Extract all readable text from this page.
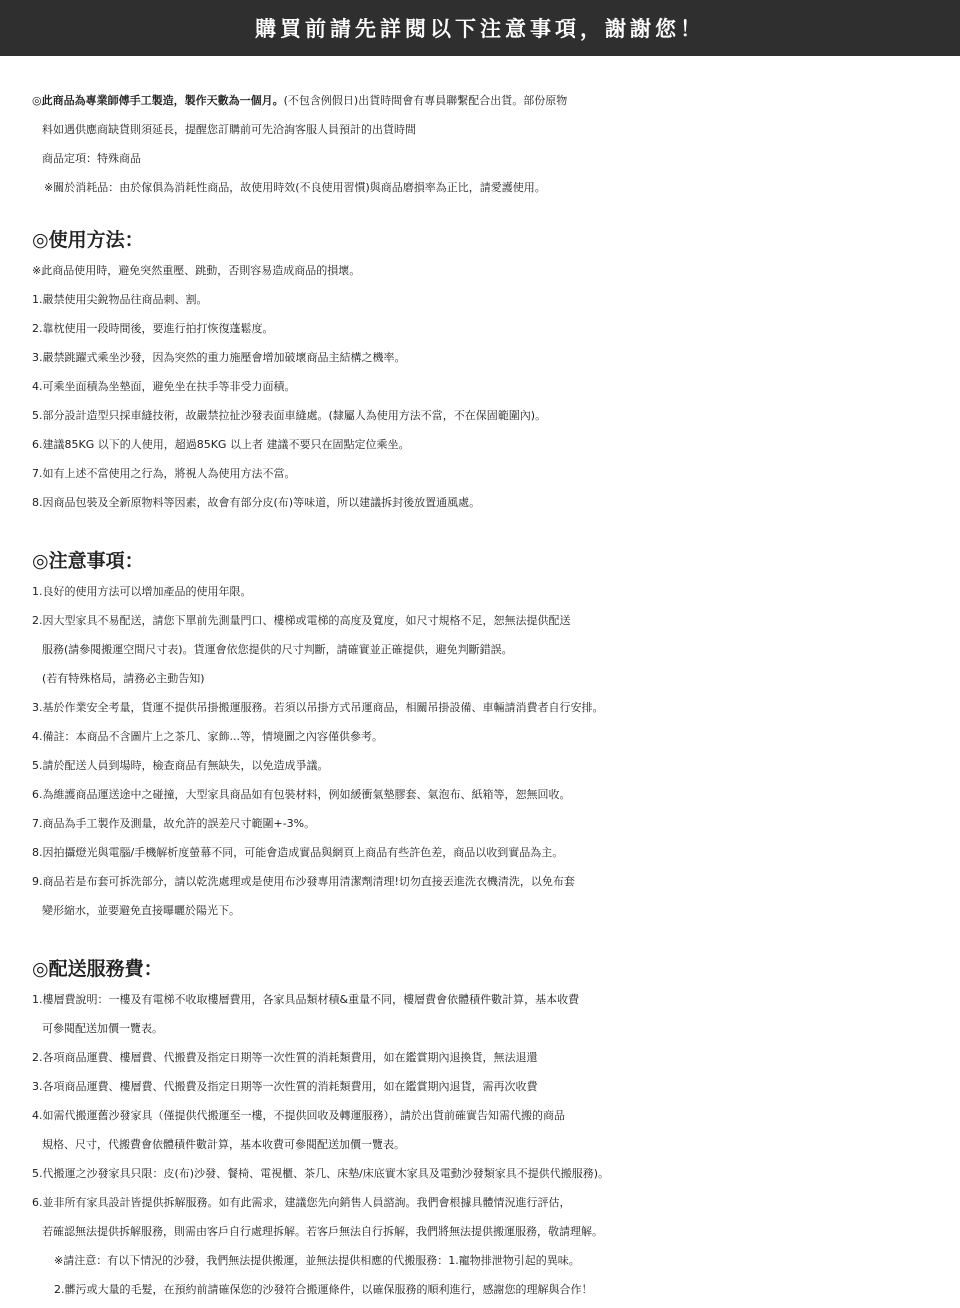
購買前請先詳閱以下注意事項，謝謝您！
◎此商品為專業師傅手工製造，製作天數為一個月。(不包含例假日)出貨時間會有專員聯繫配合出貨。部份原物
料如遇供應商缺貨則須延長，提醒您訂購前可先洽詢客服人員預計的出貨時間
商品定項：特殊商品
※關於消耗品：由於傢俱為消耗性商品，故使用時效(不良使用習慣)與商品磨損率為正比，請愛護使用。
◎使用方法：
※此商品使用時，避免突然重壓、跳動，否則容易造成商品的損壞。
1.嚴禁使用尖銳物品往商品刺、割。
2.靠枕使用一段時間後，要進行拍打恢復蓬鬆度。
3.嚴禁跳躍式乘坐沙發，因為突然的重力施壓會增加破壞商品主結構之機率。
4.可乘坐面積為坐墊面，避免坐在扶手等非受力面積。
5.部分設計造型只採車縫技術，故嚴禁拉扯沙發表面車縫處。(隸屬人為使用方法不當，不在保固範圍內)。
6.建議85KG 以下的人使用，超過85KG 以上者 建議不要只在固點定位乘坐。
7.如有上述不當使用之行為，將視人為使用方法不當。
8.因商品包裝及全新原物料等因素，故會有部分皮(布)等味道，所以建議拆封後放置通風處。
◎注意事項：
1.良好的使用方法可以增加產品的使用年限。
2.因大型家具不易配送，請您下單前先測量門口、樓梯或電梯的高度及寬度，如尺寸規格不足，恕無法提供配送
服務(請參閱搬運空間尺寸表)。貨運會依您提供的尺寸判斷，請確實並正確提供，避免判斷錯誤。
(若有特殊格局，請務必主動告知)
3.基於作業安全考量，貨運不提供吊掛搬運服務。若須以吊掛方式吊運商品，相關吊掛設備、車輛請消費者自行安排。
4.備註：本商品不含圖片上之茶几、家飾...等，情境圖之內容僅供參考。
5.請於配送人員到場時，檢查商品有無缺失，以免造成爭議。
6.為維護商品運送途中之碰撞，大型家具商品如有包裝材料，例如緩衝氣墊膠套、氣泡布、紙箱等，恕無回收。
7.商品為手工製作及測量，故允許的誤差尺寸範圍+-3%。
8.因拍攝燈光與電腦/手機解析度螢幕不同，可能會造成實品與網頁上商品有些許色差，商品以收到實品為主。
9.商品若是布套可拆洗部分，請以乾洗處理或是使用布沙發專用清潔劑清理!切勿直接丟進洗衣機清洗，以免布套
變形縮水，並要避免直接曝曬於陽光下。
◎配送服務費：
1.樓層費說明：一樓及有電梯不收取樓層費用，各家具品類材積&重量不同，樓層費會依體積件數計算，基本收費
可參閱配送加價一覽表。
2.各項商品運費、樓層費、代搬費及指定日期等一次性質的消耗類費用，如在鑑賞期內退換貨，無法退還
3.各項商品運費、樓層費、代搬費及指定日期等一次性質的消耗類費用，如在鑑賞期內退貨，需再次收費
4.如需代搬運舊沙發家具（僅提供代搬運至一樓，不提供回收及轉運服務），請於出貨前確實告知需代搬的商品
規格、尺寸，代搬費會依體積件數計算，基本收費可參閱配送加價一覽表。
5.代搬運之沙發家具只限：皮(布)沙發、餐椅、電視櫃、茶几、床墊/床底實木家具及電動沙發類家具不提供代搬服務)。
6.並非所有家具設計皆提供拆解服務。如有此需求，建議您先向銷售人員諮詢。我們會根據具體情況進行評估，
若確認無法提供拆解服務，則需由客戶自行處理拆解。若客戶無法自行拆解，我們將無法提供搬運服務，敬請理解。
※請注意：有以下情況的沙發，我們無法提供搬運，並無法提供相應的代搬服務：1.寵物排泄物引起的異味。
2.髒污或大量的毛髮，在預約前請確保您的沙發符合搬運條件，以確保服務的順利進行，感謝您的理解與合作！
